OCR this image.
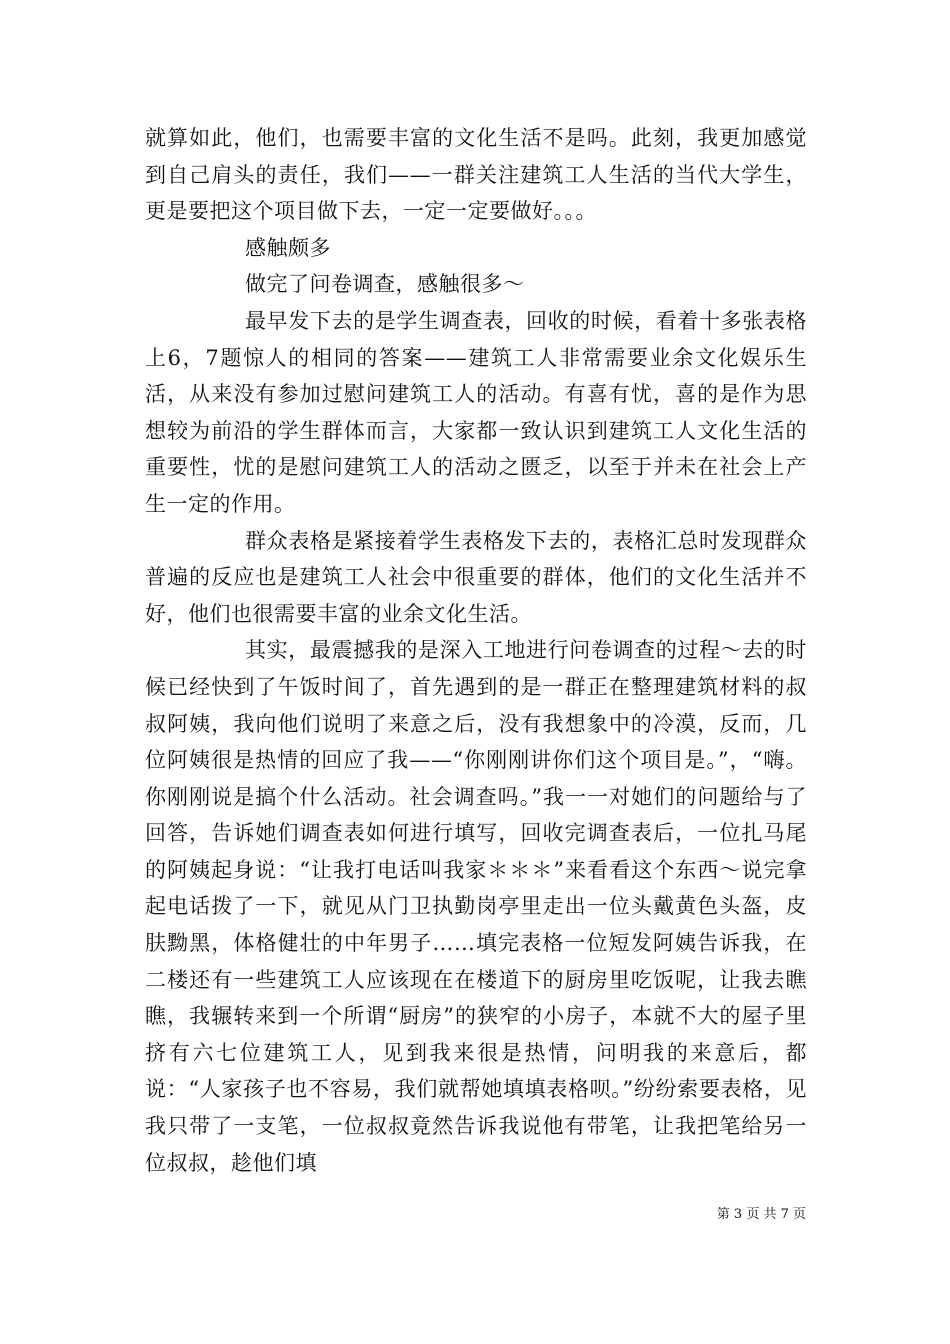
就算如此，他们，也需要丰富的文化生活不是吗。此刻，我更加感觉到自己肩头的责任，我们——一群关注建筑工人生活的当代大学生，更是要把这个项目做下去，一定一定要做好。。。

感触颇多

做完了问卷调查，感触很多～

最早发下去的是学生调查表，回收的时候，看着十多张表格上6，7题惊人的相同的答案——建筑工人非常需要业余文化娱乐生活，从来没有参加过慰问建筑工人的活动。有喜有忧，喜的是作为思想较为前沿的学生群体而言，大家都一致认识到建筑工人文化生活的重要性，忧的是慰问建筑工人的活动之匮乏，以至于并未在社会上产生一定的作用。

群众表格是紧接着学生表格发下去的，表格汇总时发现群众普遍的反应也是建筑工人社会中很重要的群体，他们的文化生活并不好，他们也很需要丰富的业余文化生活。

其实，最震撼我的是深入工地进行问卷调查的过程～去的时候已经快到了午饭时间了，首先遇到的是一群正在整理建筑材料的叔叔阿姨，我向他们说明了来意之后，没有我想象中的冷漠，反而，几位阿姨很是热情的回应了我——“你刚刚讲你们这个项目是。”，“嗨。你刚刚说是搞个什么活动。社会调查吗。”我一一对她们的问题给与了回答，告诉她们调查表如何进行填写，回收完调查表后，一位扎马尾的阿姨起身说：“让我打电话叫我家＊＊＊”来看看这个东西～说完拿起电话拨了一下，就见从门卫执勤岗亭里走出一位头戴黄色头盔，皮肤黝黑，体格健壮的中年男子……填完表格一位短发阿姨告诉我，在二楼还有一些建筑工人应该现在在楼道下的厨房里吃饭呢，让我去瞧瞧，我辗转来到一个所谓“厨房”的狭窄的小房子，本就不大的屋子里挤有六七位建筑工人，见到我来很是热情，问明我的来意后，都说：“人家孩子也不容易，我们就帮她填填表格呗。”纷纷索要表格，见我只带了一支笔，一位叔叔竟然告诉我说他有带笔，让我把笔给另一位叔叔，趁他们填

第 3 页 共 7 页
